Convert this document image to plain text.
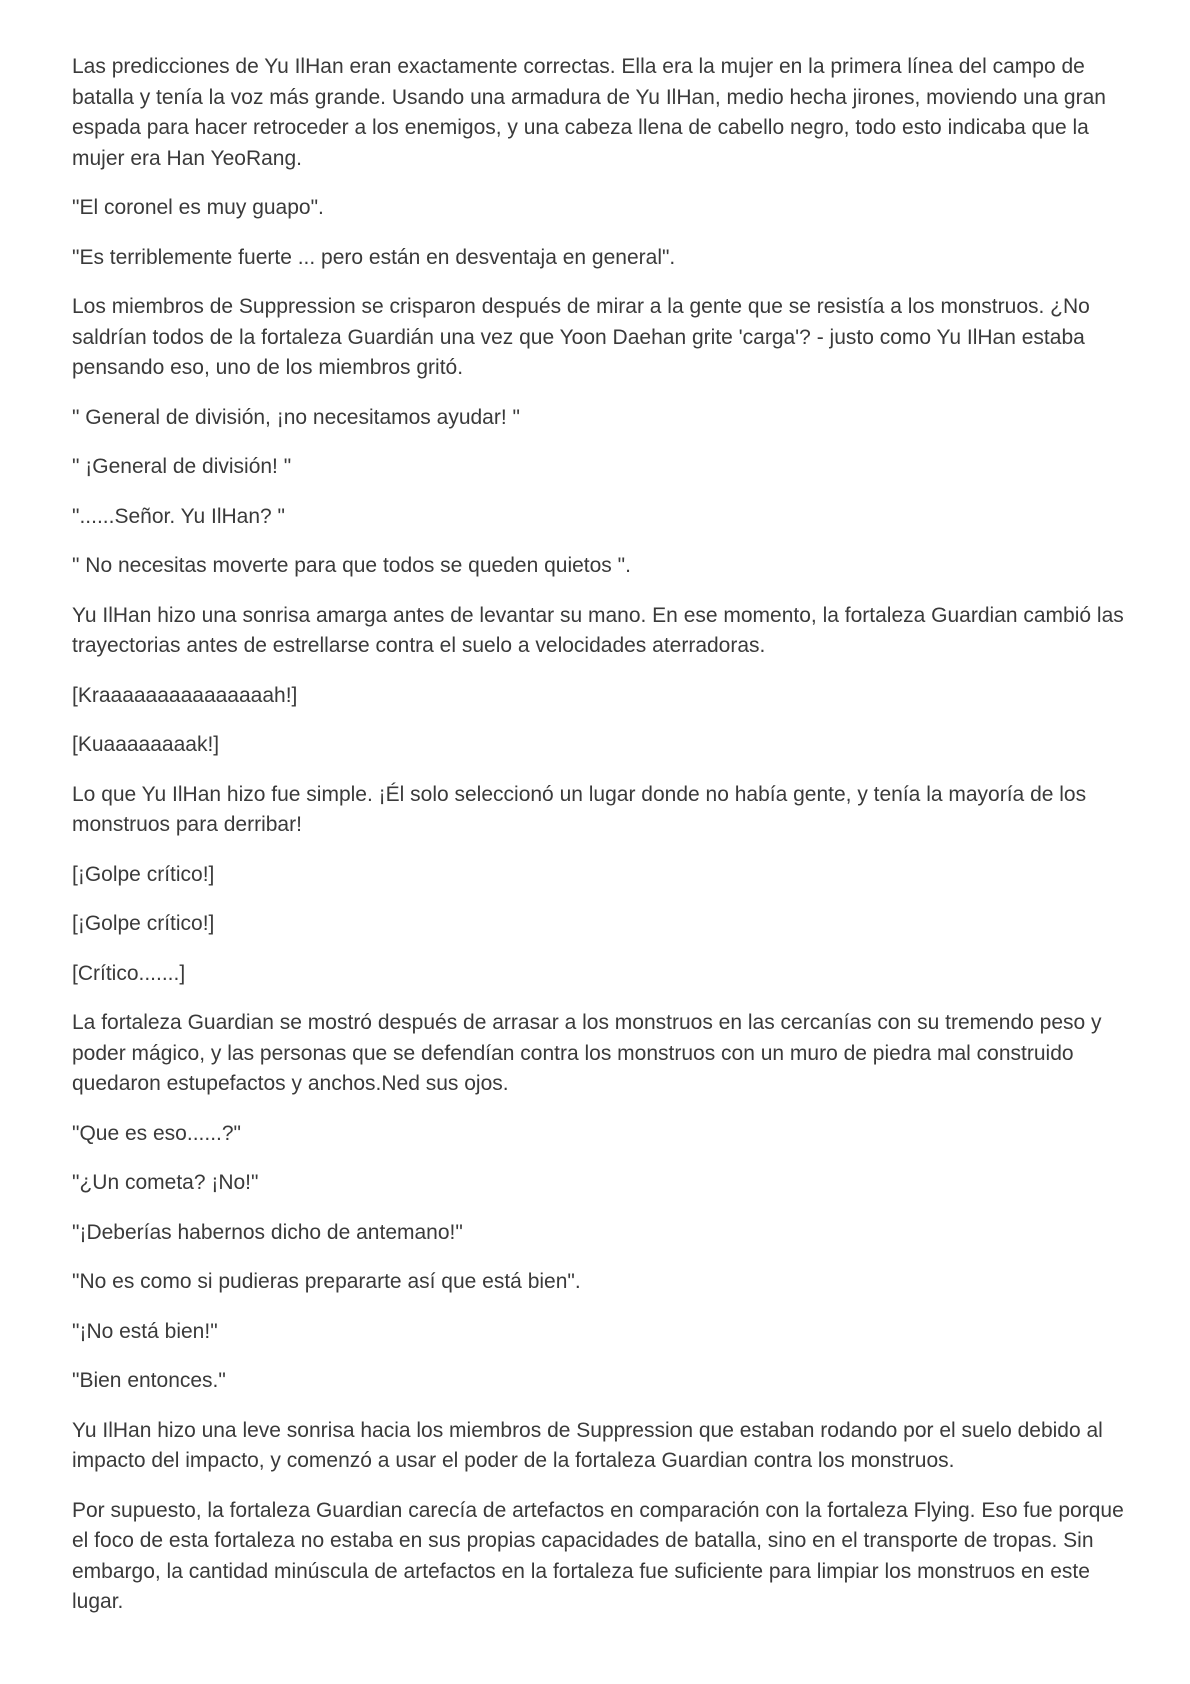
Las predicciones de Yu IlHan eran exactamente correctas. Ella era la mujer en la primera línea del campo de batalla y tenía la voz más grande. Usando una armadura de Yu IlHan, medio hecha jirones, moviendo una gran espada para hacer retroceder a los enemigos, y una cabeza llena de cabello negro, todo esto indicaba que la mujer era Han YeoRang.

"El coronel es muy guapo".

"Es terriblemente fuerte ... pero están en desventaja en general".

Los miembros de Suppression se crisparon después de mirar a la gente que se resistía a los monstruos. ¿No saldrían todos de la fortaleza Guardián una vez que Yoon Daehan grite 'carga'? - justo como Yu IlHan estaba pensando eso, uno de los miembros gritó.

" General de división, ¡no necesitamos ayudar! "

" ¡General de división! "

"......Señor. Yu IlHan? "

" No necesitas moverte para que todos se queden quietos ".

Yu IlHan hizo una sonrisa amarga antes de levantar su mano. En ese momento, la fortaleza Guardian cambió las trayectorias antes de estrellarse contra el suelo a velocidades aterradoras.

[Kraaaaaaaaaaaaaaah!]

[Kuaaaaaaaak!]

Lo que Yu IlHan hizo fue simple. ¡Él solo seleccionó un lugar donde no había gente, y tenía la mayoría de los monstruos para derribar!

[¡Golpe crítico!]

[¡Golpe crítico!]

[Crítico.......]

La fortaleza Guardian se mostró después de arrasar a los monstruos en las cercanías con su tremendo peso y poder mágico, y las personas que se defendían contra los monstruos con un muro de piedra mal construido quedaron estupefactos y anchos.Ned sus ojos.

"Que es eso......?"

"¿Un cometa? ¡No!"

"¡Deberías habernos dicho de antemano!"

"No es como si pudieras prepararte así que está bien".

"¡No está bien!"

"Bien entonces."

Yu IlHan hizo una leve sonrisa hacia los miembros de Suppression que estaban rodando por el suelo debido al impacto del impacto, y comenzó a usar el poder de la fortaleza Guardian contra los monstruos.

Por supuesto, la fortaleza Guardian carecía de artefactos en comparación con la fortaleza Flying. Eso fue porque el foco de esta fortaleza no estaba en sus propias capacidades de batalla, sino en el transporte de tropas. Sin embargo, la cantidad minúscula de artefactos en la fortaleza fue suficiente para limpiar los monstruos en este lugar.
